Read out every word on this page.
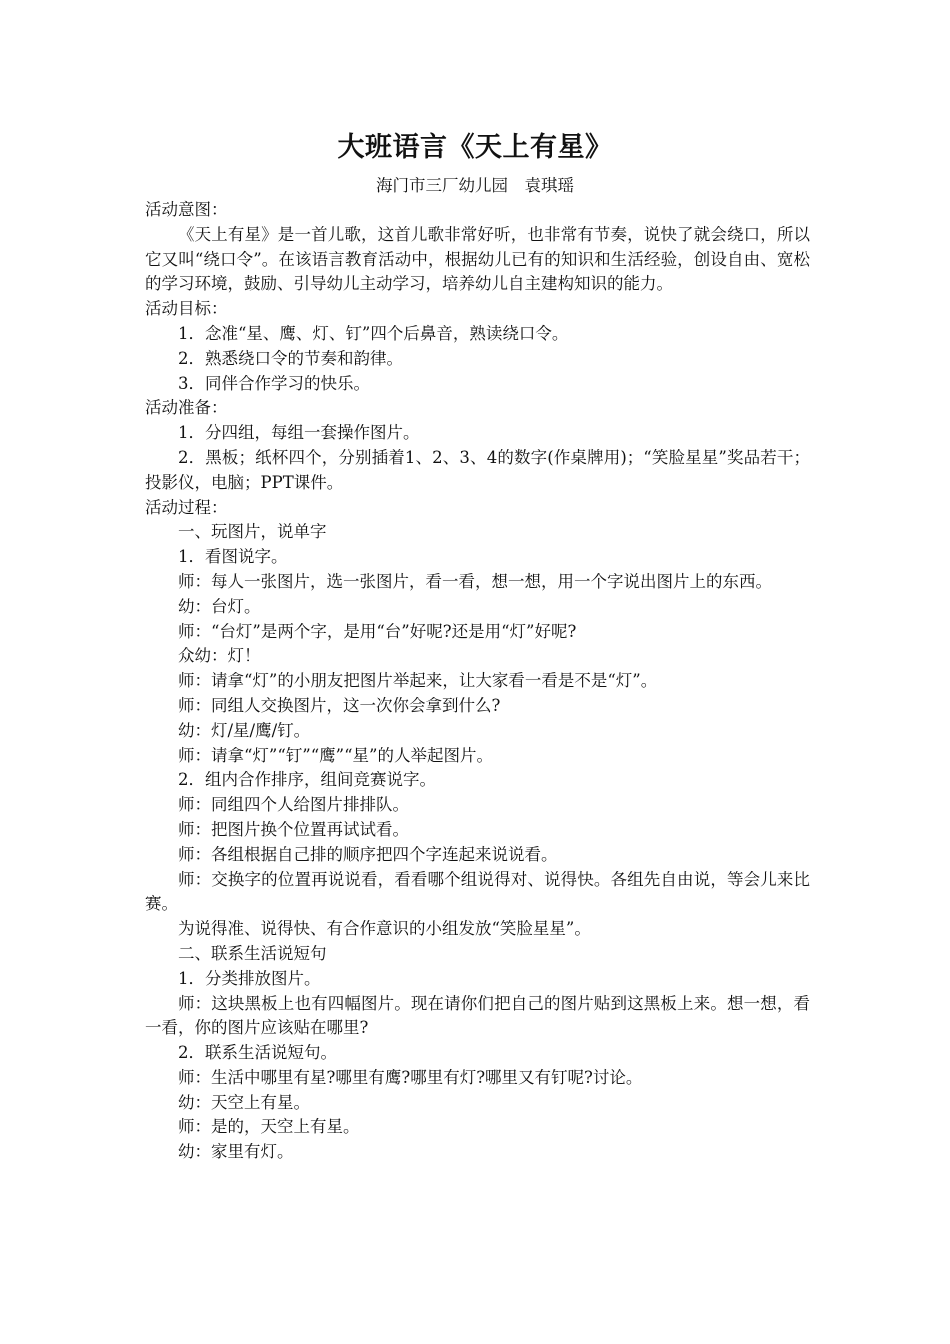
大班语言《天上有星》
海门市三厂幼儿园　袁琪瑶

活动意图：

《天上有星》是一首儿歌，这首儿歌非常好听，也非常有节奏，说快了就会绕口，所以它又叫“绕口令”。在该语言教育活动中，根据幼儿已有的知识和生活经验，创设自由、宽松的学习环境，鼓励、引导幼儿主动学习，培养幼儿自主建构知识的能力。

活动目标：

1．念准“星、鹰、灯、钉”四个后鼻音，熟读绕口令。

2．熟悉绕口令的节奏和韵律。

3．同伴合作学习的快乐。

活动准备：

1．分四组，每组一套操作图片。

2．黑板；纸杯四个，分别插着1、2、3、4的数字(作桌牌用)；“笑脸星星”奖品若干；投影仪，电脑；PPT课件。

活动过程：

一、玩图片，说单字

1．看图说字。

师：每人一张图片，选一张图片，看一看，想一想，用一个字说出图片上的东西。

幼：台灯。

师：“台灯”是两个字，是用“台”好呢?还是用“灯”好呢?

众幼：灯！

师：请拿“灯”的小朋友把图片举起来，让大家看一看是不是“灯”。

师：同组人交换图片，这一次你会拿到什么?

幼：灯/星/鹰/钉。

师：请拿“灯”“钉”“鹰”“星”的人举起图片。

2．组内合作排序，组间竞赛说字。

师：同组四个人给图片排排队。

师：把图片换个位置再试试看。

师：各组根据自己排的顺序把四个字连起来说说看。

师：交换字的位置再说说看，看看哪个组说得对、说得快。各组先自由说，等会儿来比赛。

为说得准、说得快、有合作意识的小组发放“笑脸星星”。

二、联系生活说短句

1．分类排放图片。

师：这块黑板上也有四幅图片。现在请你们把自己的图片贴到这黑板上来。想一想，看一看，你的图片应该贴在哪里?

2．联系生活说短句。

师：生活中哪里有星?哪里有鹰?哪里有灯?哪里又有钉呢?讨论。

幼：天空上有星。

师：是的，天空上有星。

幼：家里有灯。
